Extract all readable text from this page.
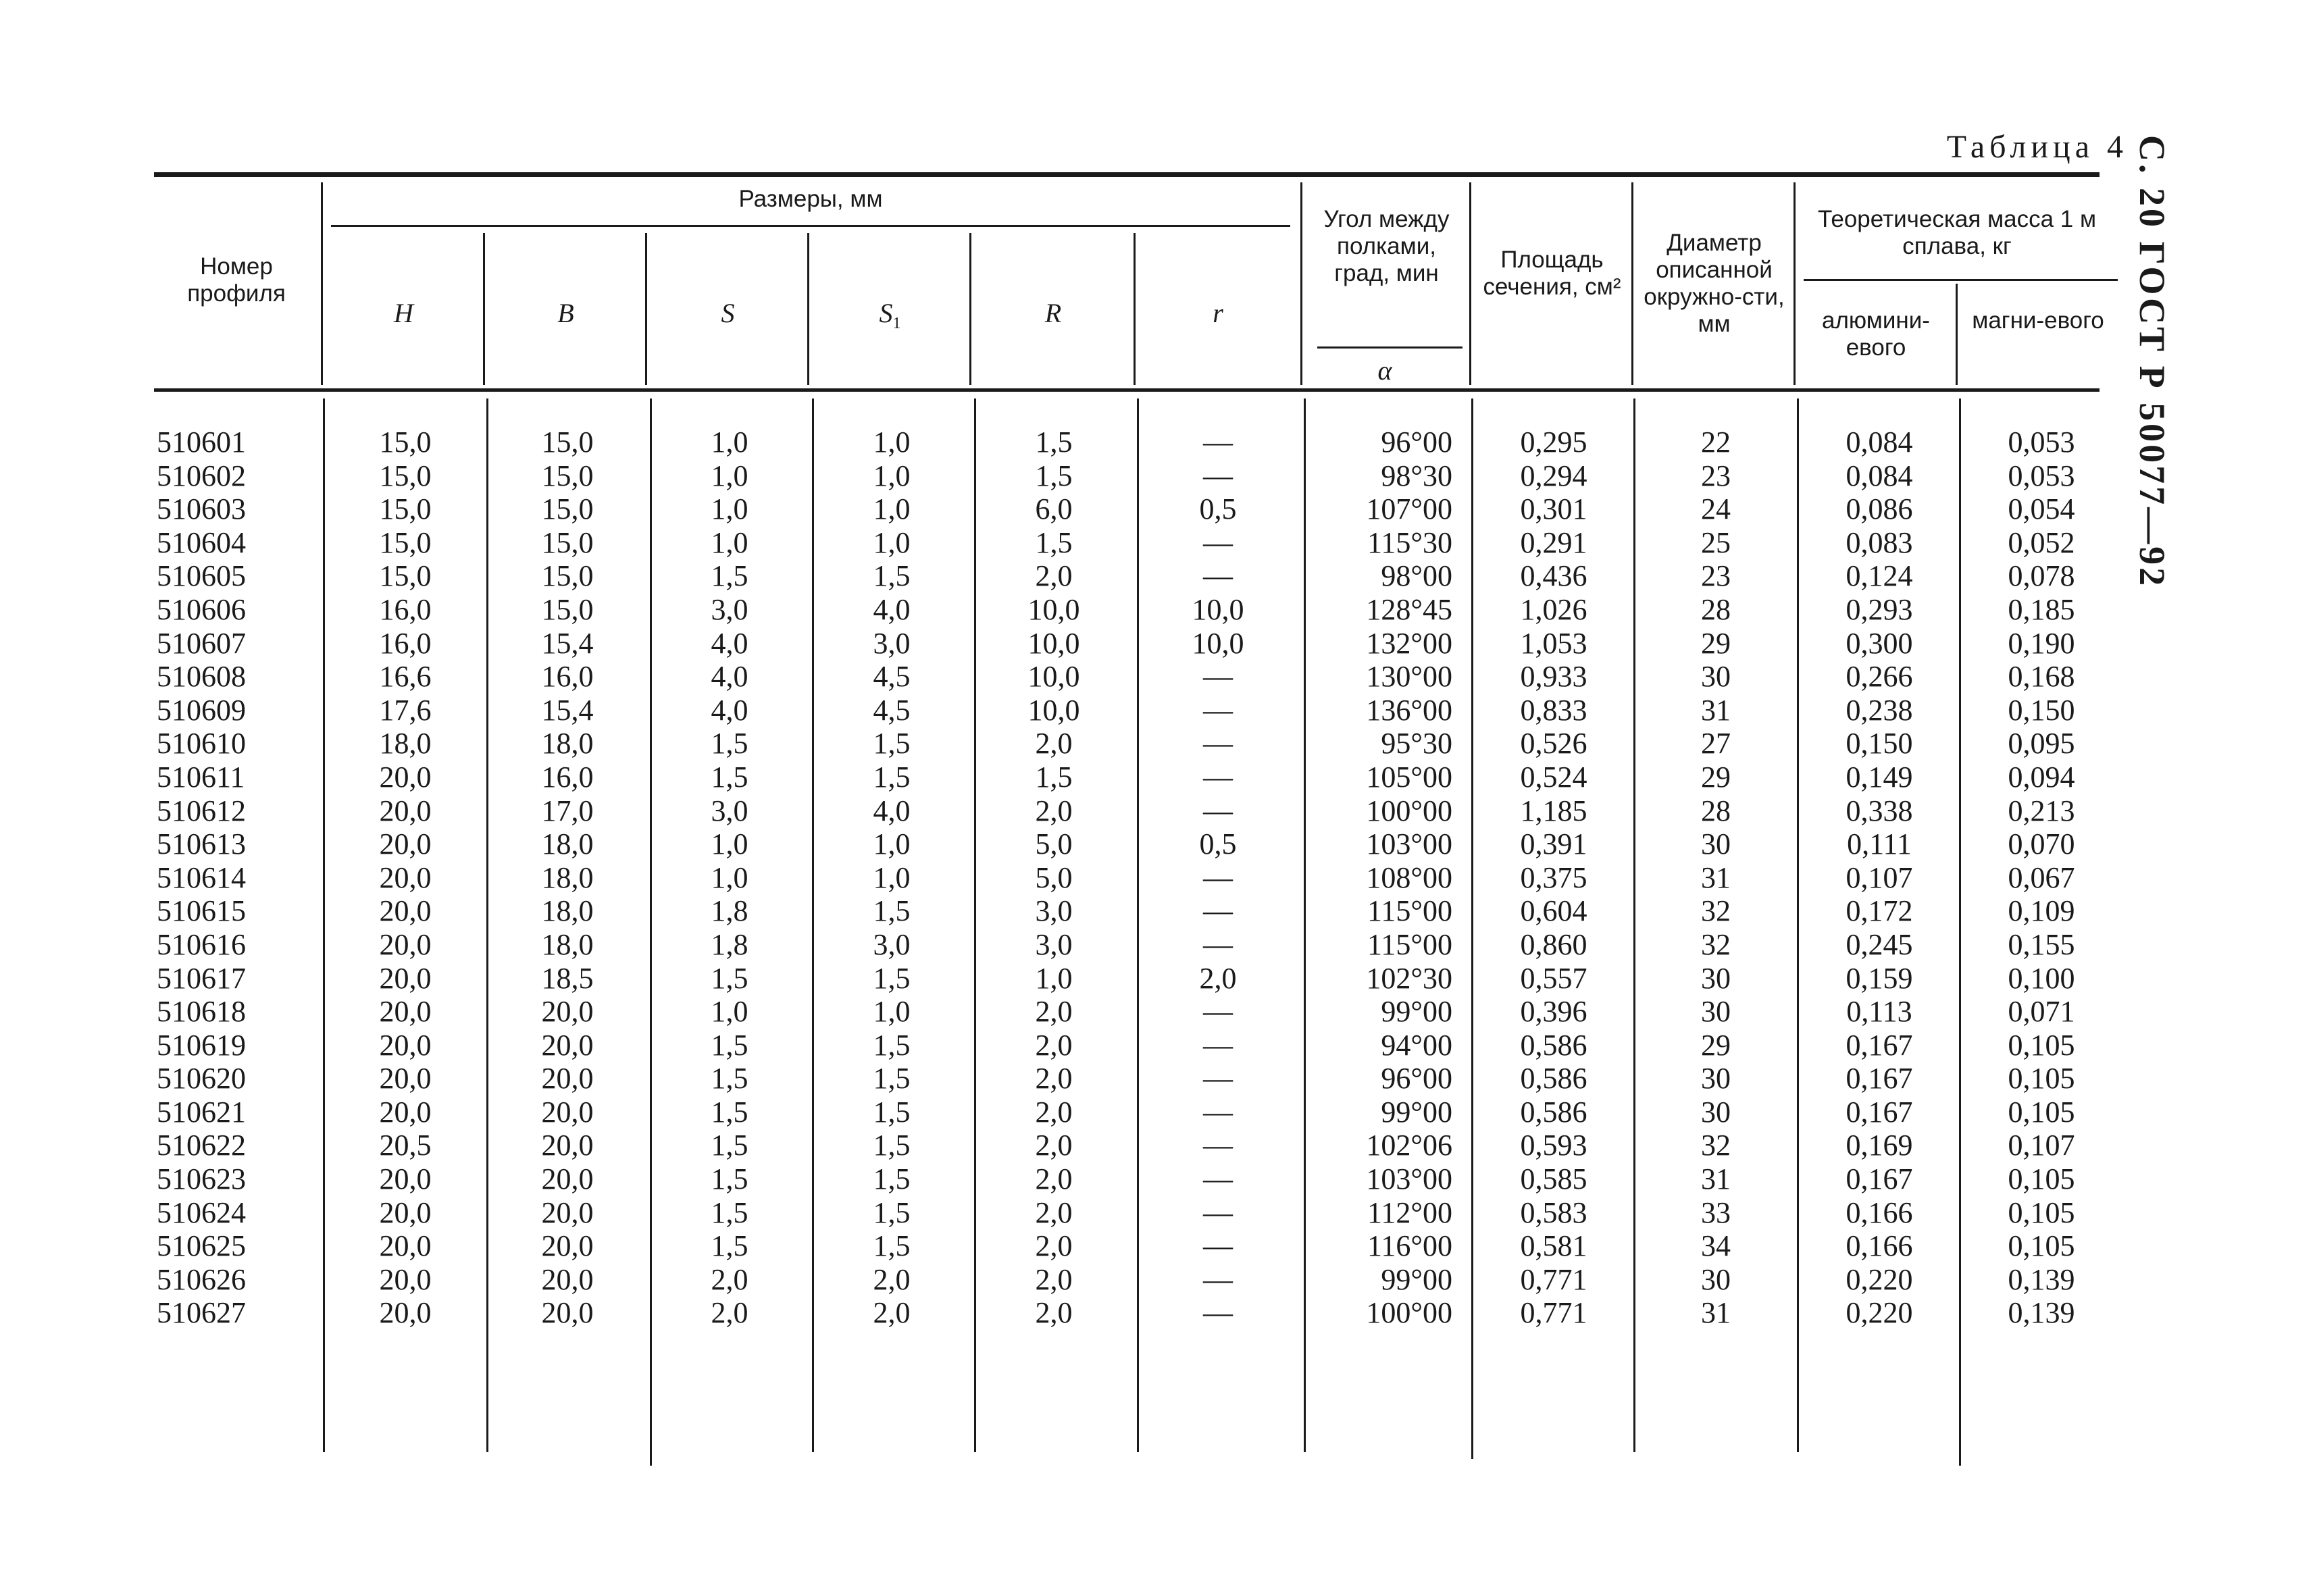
Таблица 4 С. 20 ГОСТ Р 50077—92
Номер профиля
Размеры, мм
H	B	S	$S_1$	R	r
Угол между полками, град, мин
α
Площадь сечения, см²
Диаметр описанной окружно-сти, мм
Теоретическая масса 1 м сплава, кг
алюмини-евого
магни-евого
510601	15,0	15,0	1,0	1,0	1,5	—	96°00	0,295	22	0,084	0,053
510602	15,0	15,0	1,0	1,0	1,5	—	98°30	0,294	23	0,084	0,053
510603	15,0	15,0	1,0	1,0	6,0	0,5	107°00	0,301	24	0,086	0,054
510604	15,0	15,0	1,0	1,0	1,5	—	115°30	0,291	25	0,083	0,052
510605	15,0	15,0	1,5	1,5	2,0	—	98°00	0,436	23	0,124	0,078
510606	16,0	15,0	3,0	4,0	10,0	10,0	128°45	1,026	28	0,293	0,185
510607	16,0	15,4	4,0	3,0	10,0	10,0	132°00	1,053	29	0,300	0,190
510608	16,6	16,0	4,0	4,5	10,0	—	130°00	0,933	30	0,266	0,168
510609	17,6	15,4	4,0	4,5	10,0	—	136°00	0,833	31	0,238	0,150
510610	18,0	18,0	1,5	1,5	2,0	—	95°30	0,526	27	0,150	0,095
510611	20,0	16,0	1,5	1,5	1,5	—	105°00	0,524	29	0,149	0,094
510612	20,0	17,0	3,0	4,0	2,0	—	100°00	1,185	28	0,338	0,213
510613	20,0	18,0	1,0	1,0	5,0	0,5	103°00	0,391	30	0,111	0,070
510614	20,0	18,0	1,0	1,0	5,0	—	108°00	0,375	31	0,107	0,067
510615	20,0	18,0	1,8	1,5	3,0	—	115°00	0,604	32	0,172	0,109
510616	20,0	18,0	1,8	3,0	3,0	—	115°00	0,860	32	0,245	0,155
510617	20,0	18,5	1,5	1,5	1,0	2,0	102°30	0,557	30	0,159	0,100
510618	20,0	20,0	1,0	1,0	2,0	—	99°00	0,396	30	0,113	0,071
510619	20,0	20,0	1,5	1,5	2,0	—	94°00	0,586	29	0,167	0,105
510620	20,0	20,0	1,5	1,5	2,0	—	96°00	0,586	30	0,167	0,105
510621	20,0	20,0	1,5	1,5	2,0	—	99°00	0,586	30	0,167	0,105
510622	20,5	20,0	1,5	1,5	2,0	—	102°06	0,593	32	0,169	0,107
510623	20,0	20,0	1,5	1,5	2,0	—	103°00	0,585	31	0,167	0,105
510624	20,0	20,0	1,5	1,5	2,0	—	112°00	0,583	33	0,166	0,105
510625	20,0	20,0	1,5	1,5	2,0	—	116°00	0,581	34	0,166	0,105
510626	20,0	20,0	2,0	2,0	2,0	—	99°00	0,771	30	0,220	0,139
510627	20,0	20,0	2,0	2,0	2,0	—	100°00	0,771	31	0,220	0,139
